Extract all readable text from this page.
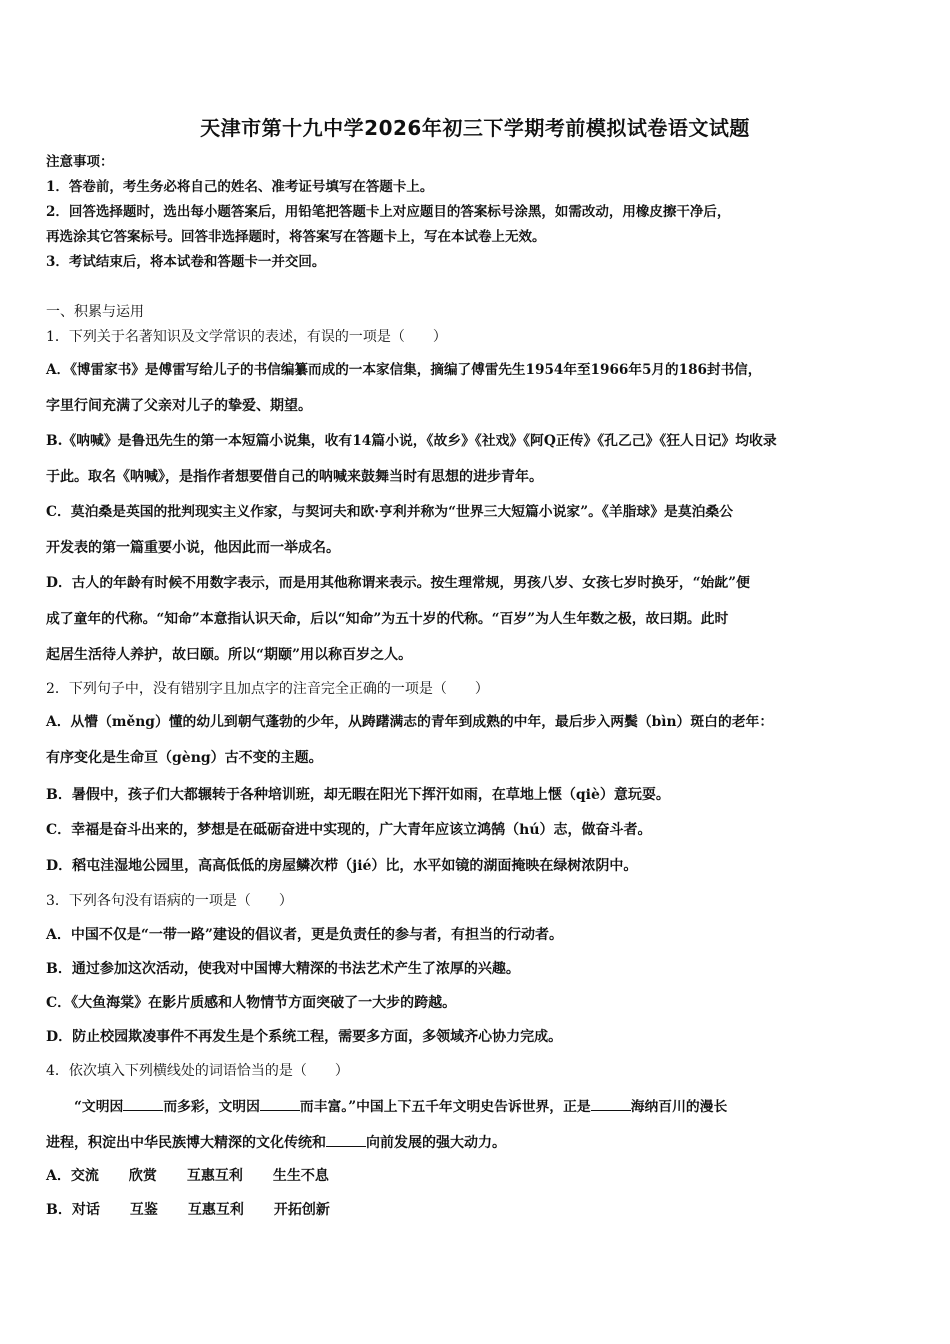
天津市第十九中学2026年初三下学期考前模拟试卷语文试题
注意事项：
1．答卷前，考生务必将自己的姓名、准考证号填写在答题卡上。
2．回答选择题时，选出每小题答案后，用铅笔把答题卡上对应题目的答案标号涂黑，如需改动，用橡皮擦干净后，
再选涂其它答案标号。回答非选择题时，将答案写在答题卡上，写在本试卷上无效。
3．考试结束后，将本试卷和答题卡一并交回。
一、积累与运用
1．下列关于名著知识及文学常识的表述，有误的一项是（　　）
A．《博雷家书》是傅雷写给儿子的书信编纂而成的一本家信集，摘编了傅雷先生1954年至1966年5月的186封书信，
字里行间充满了父亲对儿子的挚爱、期望。
B.《呐喊》是鲁迅先生的第一本短篇小说集，收有14篇小说，《故乡》《社戏》《阿Q正传》《孔乙己》《狂人日记》均收录
于此。取名《呐喊》，是指作者想要借自己的呐喊来鼓舞当时有思想的进步青年。
C．莫泊桑是英国的批判现实主义作家，与契诃夫和欧·亨利并称为“世界三大短篇小说家”。《羊脂球》是莫泊桑公
开发表的第一篇重要小说，他因此而一举成名。
D．古人的年龄有时候不用数字表示，而是用其他称谓来表示。按生理常规，男孩八岁、女孩七岁时换牙，“始龀”便
成了童年的代称。“知命”本意指认识天命，后以“知命”为五十岁的代称。“百岁”为人生年数之极，故曰期。此时
起居生活待人养护，故曰颐。所以“期颐”用以称百岁之人。
2．下列句子中，没有错别字且加点字的注音完全正确的一项是（　　）
A．从懵（měng）懂的幼儿到朝气蓬勃的少年，从踌躇满志的青年到成熟的中年，最后步入两鬓（bìn）斑白的老年：
有序变化是生命亘（gèng）古不变的主题。
B．暑假中，孩子们大都辗转于各种培训班，却无暇在阳光下挥汗如雨，在草地上惬（qiè）意玩耍。
C．幸福是奋斗出来的，梦想是在砥砺奋进中实现的，广大青年应该立鸿鹄（hú）志，做奋斗者。
D．稻屯洼湿地公园里，高高低低的房屋鳞次栉（jié）比，水平如镜的湖面掩映在绿树浓阴中。
3．下列各句没有语病的一项是（　　）
A．中国不仅是“一带一路”建设的倡议者，更是负责任的参与者，有担当的行动者。
B．通过参加这次活动，使我对中国博大精深的书法艺术产生了浓厚的兴趣。
C．《大鱼海棠》在影片质感和人物情节方面突破了一大步的跨越。
D．防止校园欺凌事件不再发生是个系统工程，需要多方面，多领域齐心协力完成。
4．依次填入下列横线处的词语恰当的是（　　）
“文明因	而多彩，文明因	而丰富。”中国上下五千年文明史告诉世界，正是	海纳百川的漫长
进程，积淀出中华民族博大精深的文化传统和	向前发展的强大动力。
A．交流 欣赏 互惠互利 生生不息
B．对话 互鉴 互惠互利 开拓创新
